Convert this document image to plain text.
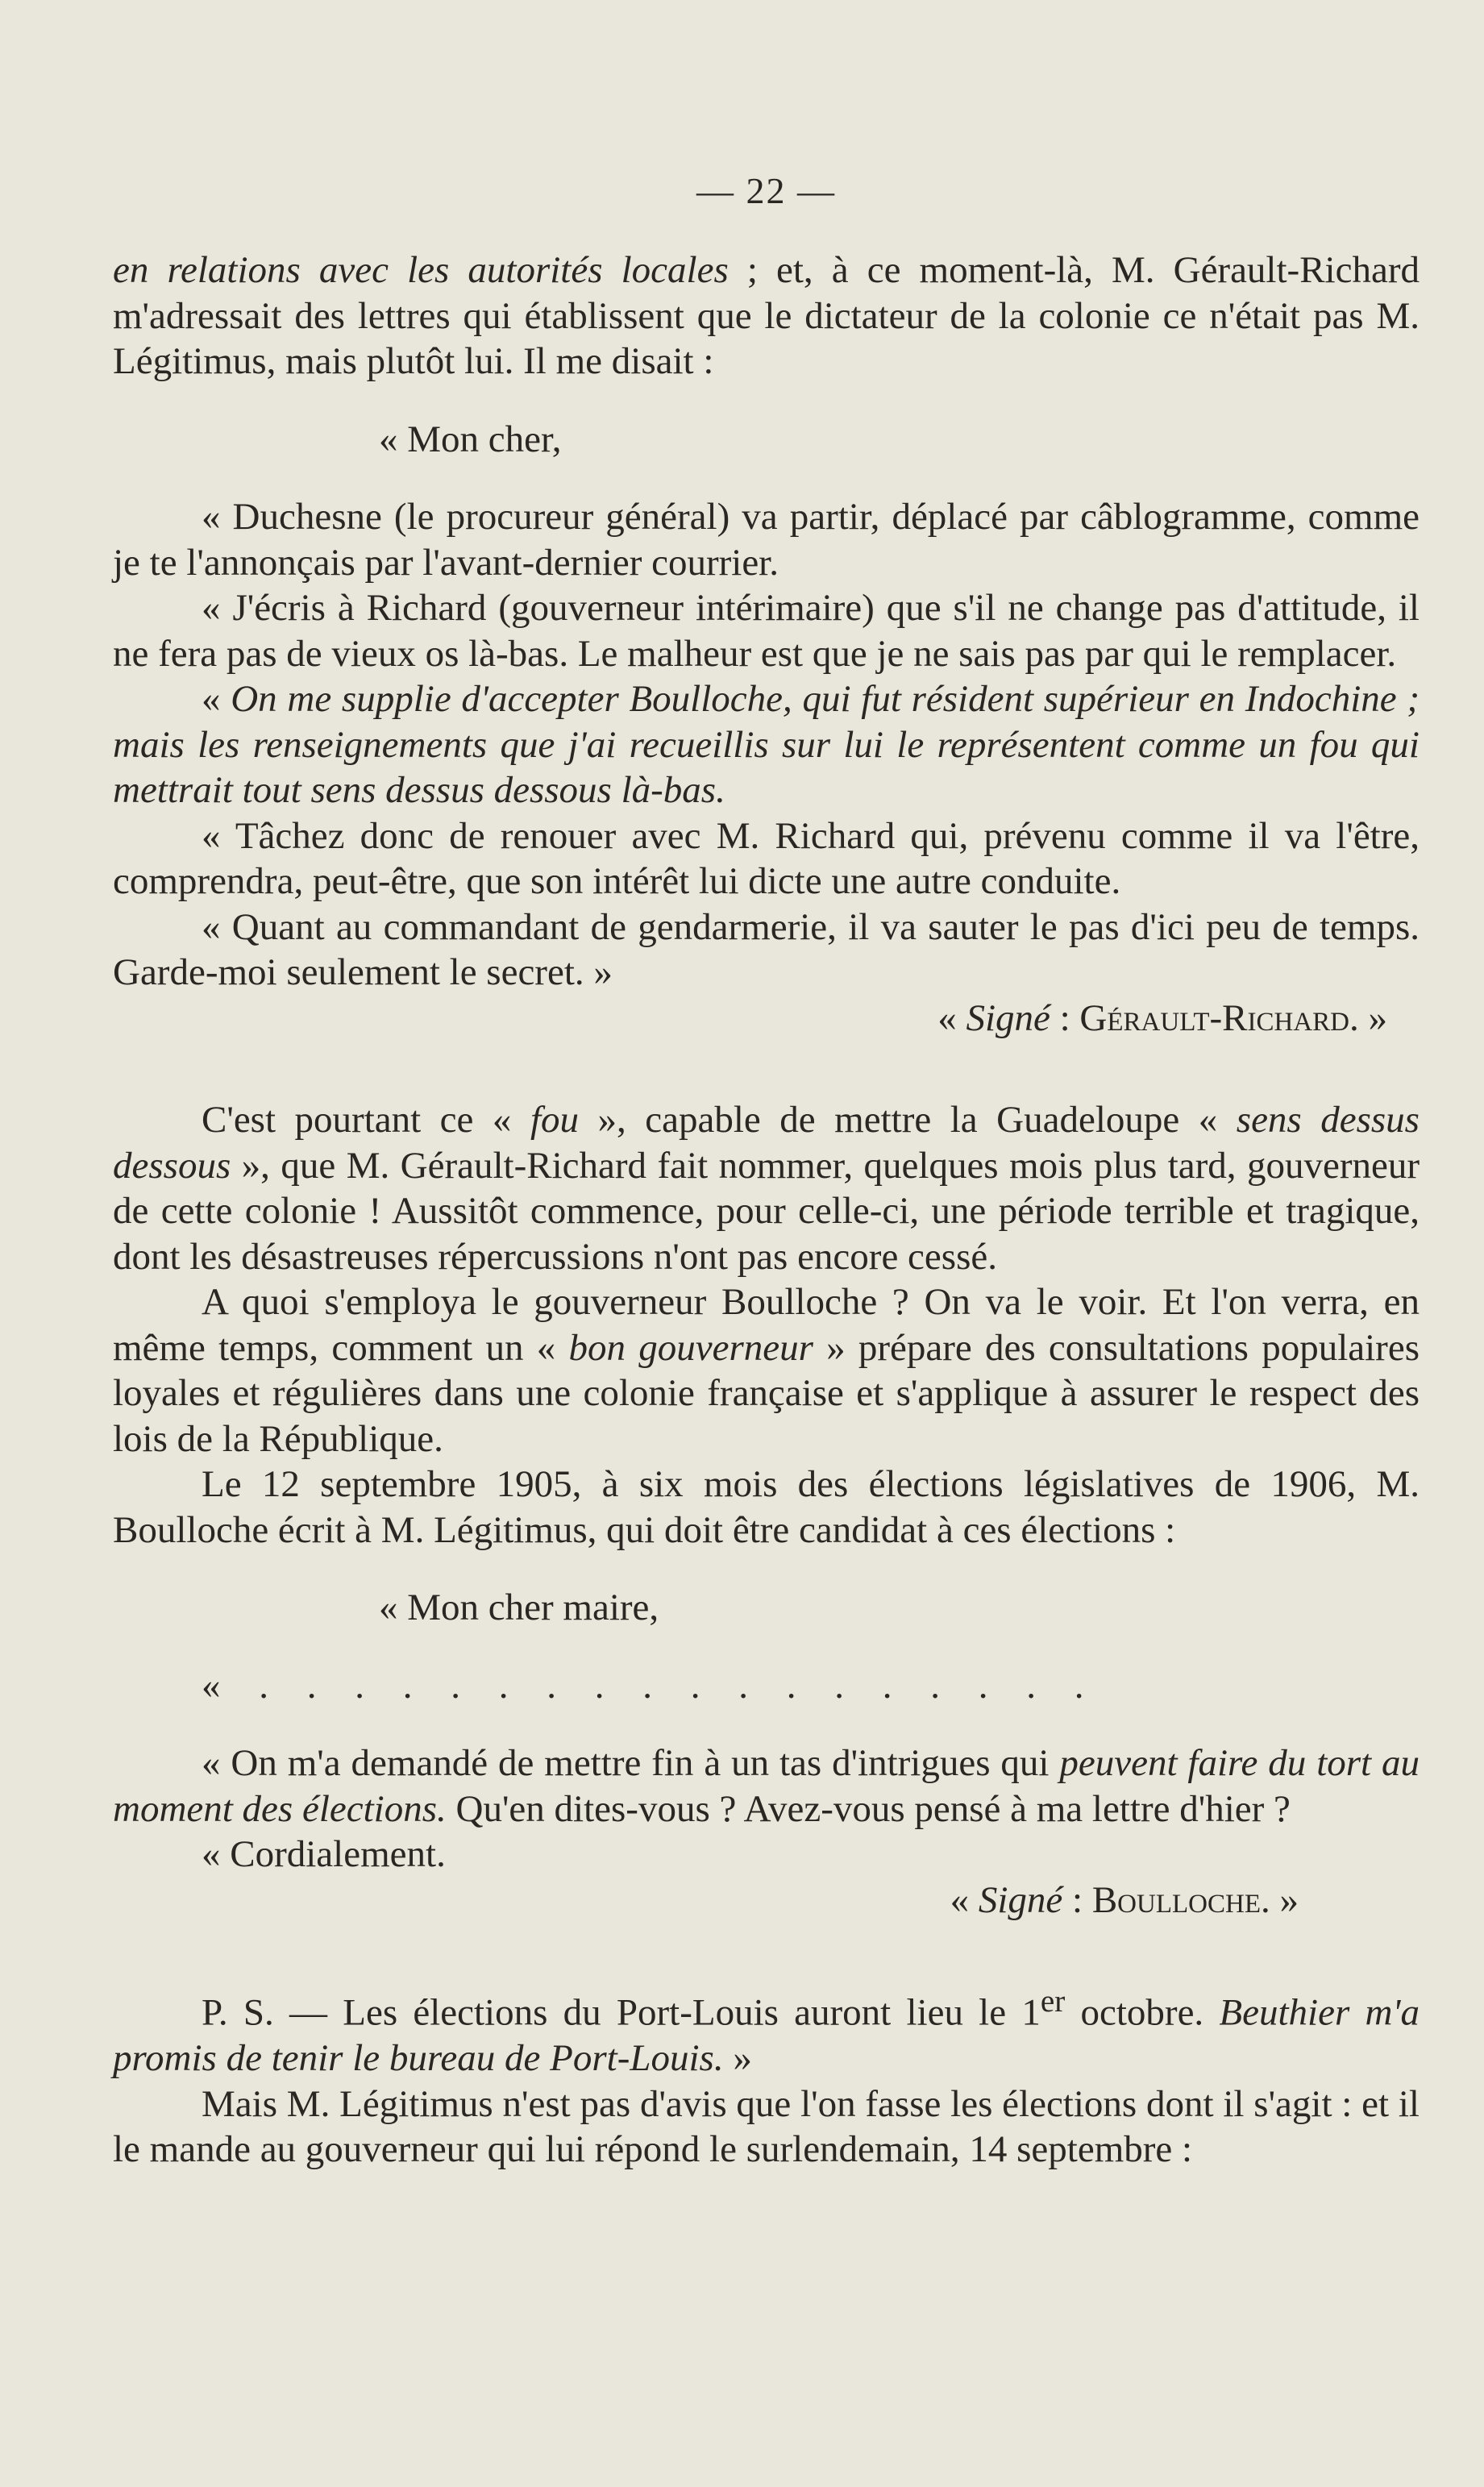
— 22 —

en relations avec les autorités locales ; et, à ce moment-là, M. Gérault-Richard m'adressait des lettres qui établissent que le dictateur de la colonie ce n'était pas M. Légitimus, mais plutôt lui. Il me disait :

« Mon cher,

« Duchesne (le procureur général) va partir, déplacé par câblogramme, comme je te l'annonçais par l'avant-dernier courrier.

« J'écris à Richard (gouverneur intérimaire) que s'il ne change pas d'attitude, il ne fera pas de vieux os là-bas. Le malheur est que je ne sais pas par qui le remplacer.

« On me supplie d'accepter Boulloche, qui fut résident supérieur en Indochine ; mais les renseignements que j'ai recueillis sur lui le représentent comme un fou qui mettrait tout sens dessus dessous là-bas.

« Tâchez donc de renouer avec M. Richard qui, prévenu comme il va l'être, comprendra, peut-être, que son intérêt lui dicte une autre conduite.

« Quant au commandant de gendarmerie, il va sauter le pas d'ici peu de temps. Garde-moi seulement le secret. »

« Signé : Gérault-Richard. »

C'est pourtant ce « fou », capable de mettre la Guadeloupe « sens dessus dessous », que M. Gérault-Richard fait nommer, quelques mois plus tard, gouverneur de cette colonie ! Aussitôt commence, pour celle-ci, une période terrible et tragique, dont les désastreuses répercussions n'ont pas encore cessé.

A quoi s'employa le gouverneur Boulloche ? On va le voir. Et l'on verra, en même temps, comment un « bon gouverneur » prépare des consultations populaires loyales et régulières dans une colonie française et s'applique à assurer le respect des lois de la République.

Le 12 septembre 1905, à six mois des élections législatives de 1906, M. Boulloche écrit à M. Légitimus, qui doit être candidat à ces élections :

« Mon cher maire,

« . . . . . . . . . . . . . . . . . .

« On m'a demandé de mettre fin à un tas d'intrigues qui peuvent faire du tort au moment des élections. Qu'en dites-vous ? Avez-vous pensé à ma lettre d'hier ?

« Cordialement.

« Signé : Boulloche. »

P. S. — Les élections du Port-Louis auront lieu le 1er octobre. Beuthier m'a promis de tenir le bureau de Port-Louis. »

Mais M. Légitimus n'est pas d'avis que l'on fasse les élections dont il s'agit : et il le mande au gouverneur qui lui répond le surlendemain, 14 septembre :
